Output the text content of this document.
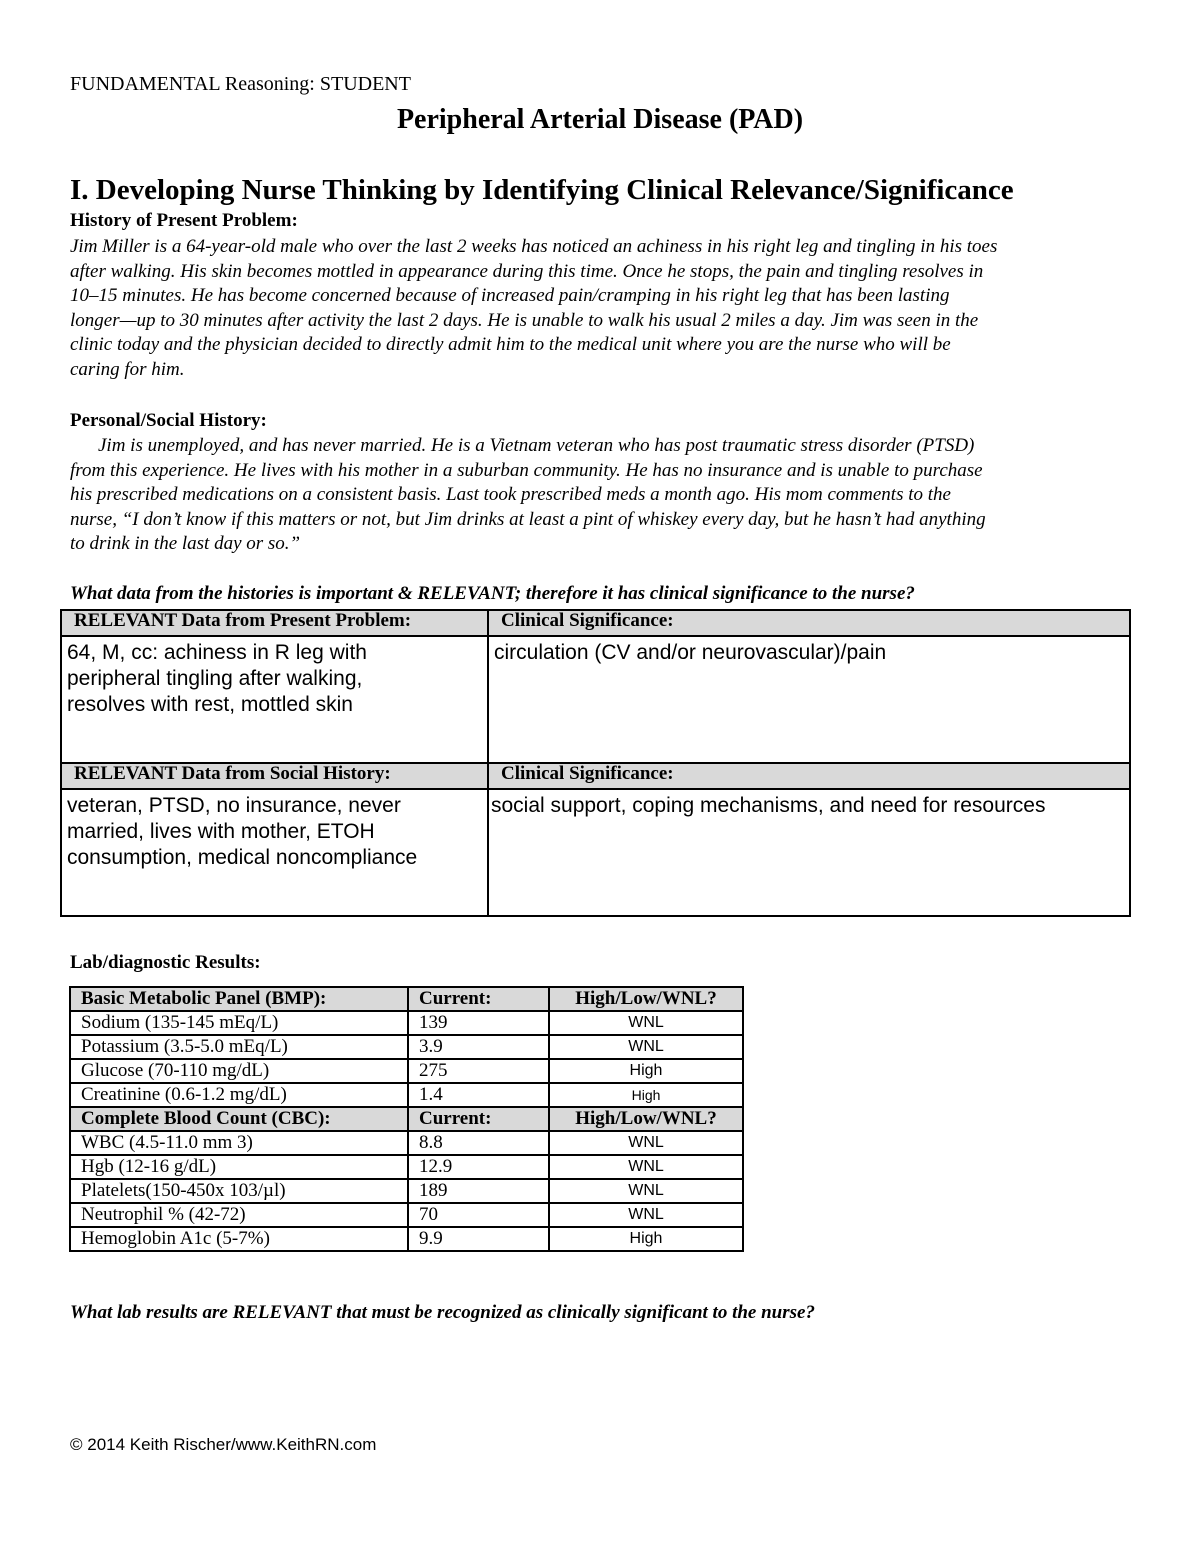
FUNDAMENTAL Reasoning: STUDENT
Peripheral Arterial Disease (PAD)
I. Developing Nurse Thinking by Identifying Clinical Relevance/Significance
History of Present Problem:
Jim Miller is a 64-year-old male who over the last 2 weeks has noticed an achiness in his right leg and tingling in his toes
after walking. His skin becomes mottled in appearance during this time. Once he stops, the pain and tingling resolves in
10–15 minutes. He has become concerned because of increased pain/cramping in his right leg that has been lasting
longer—up to 30 minutes after activity the last 2 days. He is unable to walk his usual 2 miles a day. Jim was seen in the
clinic today and the physician decided to directly admit him to the medical unit where you are the nurse who will be
caring for him.
Personal/Social History:
Jim is unemployed, and has never married. He is a Vietnam veteran who has post traumatic stress disorder (PTSD)
from this experience. He lives with his mother in a suburban community. He has no insurance and is unable to purchase
his prescribed medications on a consistent basis. Last took prescribed meds a month ago. His mom comments to the
nurse, “I don’t know if this matters or not, but Jim drinks at least a pint of whiskey every day, but he hasn’t had anything
to drink in the last day or so.”
What data from the histories is important & RELEVANT; therefore it has clinical significance to the nurse?
RELEVANT Data from Present Problem:	Clinical Significance:

64, M, cc: achiness in R leg with
peripheral tingling after walking,
resolves with rest, mottled skin	circulation (CV and/or neurovascular)/pain

RELEVANT Data from Social History:	Clinical Significance:

veteran, PTSD, no insurance, never
married, lives with mother, ETOH
consumption, medical noncompliance	social support, coping mechanisms, and need for resources
Lab/diagnostic Results:
Basic Metabolic Panel (BMP):	Current:	High/Low/WNL?
Sodium (135-145 mEq/L)	139	WNL
Potassium (3.5-5.0 mEq/L)	3.9	WNL
Glucose (70-110 mg/dL)	275	High
Creatinine (0.6-1.2 mg/dL)	1.4	High
Complete Blood Count (CBC):	Current:	High/Low/WNL?
WBC (4.5-11.0 mm 3)	8.8	WNL
Hgb (12-16 g/dL)	12.9	WNL
Platelets(150-450x 103/µl)	189	WNL
Neutrophil % (42-72)	70	WNL
Hemoglobin A1c (5-7%)	9.9	High
What lab results are RELEVANT that must be recognized as clinically significant to the nurse?
© 2014 Keith Rischer/www.KeithRN.com
